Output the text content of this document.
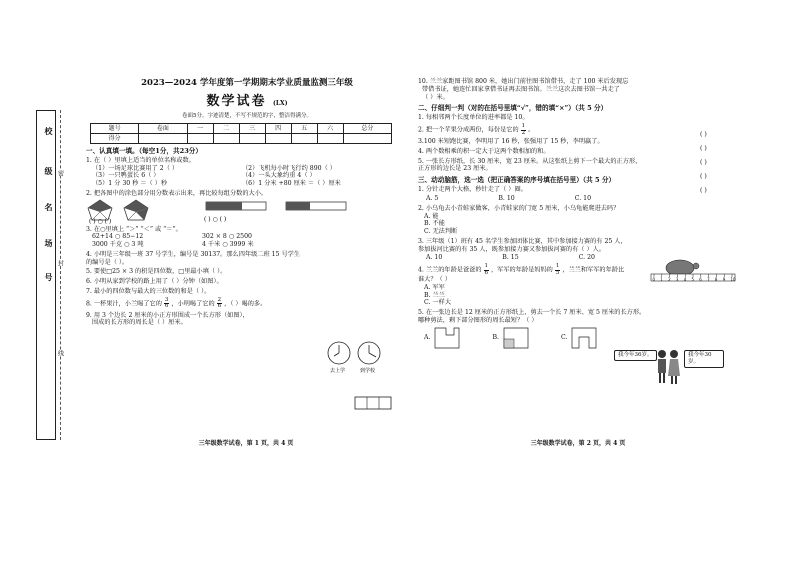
校
级
名
场
号
密
封
线
2023—2024 学年度第一学期期末学业质量监测三年级
数学试卷 (LX)
卷面5分。字迹清楚，不写不规范的字，整洁得满分。
题号	卷面	一	二	三	四	五	六	总分
得分								
一、认真填一填。（每空1分，共23分）
1. 在（ ）里填上适当的单位名称或数。
（1）一场足球比赛用了 2（ ）	（2）飞机每小时飞行约 890（ ）
（3）一只鸭蛋长 6（ ）	（4）一头大象约重 4（ ）
（5）1 分 30 秒 ＝（ ）秒	（6）1 分米 +80 厘米 ＝（ ）厘米
2. 把各图中的涂色部分用分数表示出来，再比较每组分数的大小。
( ) ○ ( )	( ) ○ ( )
3. 在○里填上 “＞” “＜” 或 “＝”。
62+14 ○ 85−12	302 × 8 ○ 2500
3000 千克 ○ 3 吨	4 千米 ○ 3999 米
4. 小明是三年级一班 37 号学生，编号是 30137。那么四年级二班 15 号学生
的编号是（ ）。
5. 要使□25 × 3 的积是四位数，□里最小填（ ）。
6. 小明从家到学校的路上用了（ ）分钟（如图）。
7. 最小的四位数与最大的三位数的和是（ ）。
8. 一杯果汁，小兰喝了它的 $\frac{3}{6}$ ，小明喝了它的 $\frac{2}{6}$ ，（ ）喝的多。
9. 用 3 个边长 2 厘米的小正方形围成一个长方形（如图），
围成的长方形的周长是（ ）厘米。
去上学	到学校
三年级数学试卷，第 1 页，共 4 页
10. 兰兰家距图书馆 800 米，她出门前往图书馆借书，走了 100 米后发现忘
带借书证，她连忙回家拿借书证再去图书馆。兰兰这次去图书馆一共走了
（ ）米。
二、仔细判一判（对的在括号里填“√”，错的填“×”）（共 5 分）
1. 每相邻两个长度单位的进率都是 10。
2. 把一个苹果分成两份，每份是它的 $\frac{1}{2}$ 。
3.100 米短跑比赛，李明用了 16 秒，张强用了 15 秒，李明赢了。
4. 两个数相乘的积一定大于这两个数相加的和。
5. 一张长方形纸，长 30 厘米，宽 23 厘米。从这张纸上剪下一个最大的正方形，
正方形的边长是 23 厘米。
( )
( )
( )
( )
( )
三、动动脑筋，选一选（把正确答案的序号填在括号里）（共 5 分）
1. 分针走两个大格，秒针走了（ ）圈。
A. 5	B. 10	C. 10
2. 小乌龟去小青蛙家做客，小青蛙家的门宽 5 厘米，小乌龟能爬进去吗？
A. 能
B. 不能
C. 无法判断
0 1 2 3 4 5 6 7 8 9 10
3. 三年级（1）班有 45 名学生参加团体比赛，其中参加接力赛的有 25 人，
参加拔河比赛的有 35 人，既参加接力赛又参加拔河赛的有（ ）人。
A. 10	B. 15	C. 20
4. 兰兰的年龄是爸爸的 $\frac{1}{6}$ ，军军的年龄是妈妈的 $\frac{1}{5}$ ，兰兰和军军的年龄比
谁大？（ ）
A. 军军
B. 兰兰
C. 一样大
我今年36岁。	我今年30岁。
5. 在一张边长是 12 厘米的正方形纸上，剪去一个长 7 厘米、宽 5 厘米的长方形。
哪种剪法，剩下部分图形的周长最短？（ ）
A.	B.	C.
三年级数学试卷，第 2 页，共 4 页
